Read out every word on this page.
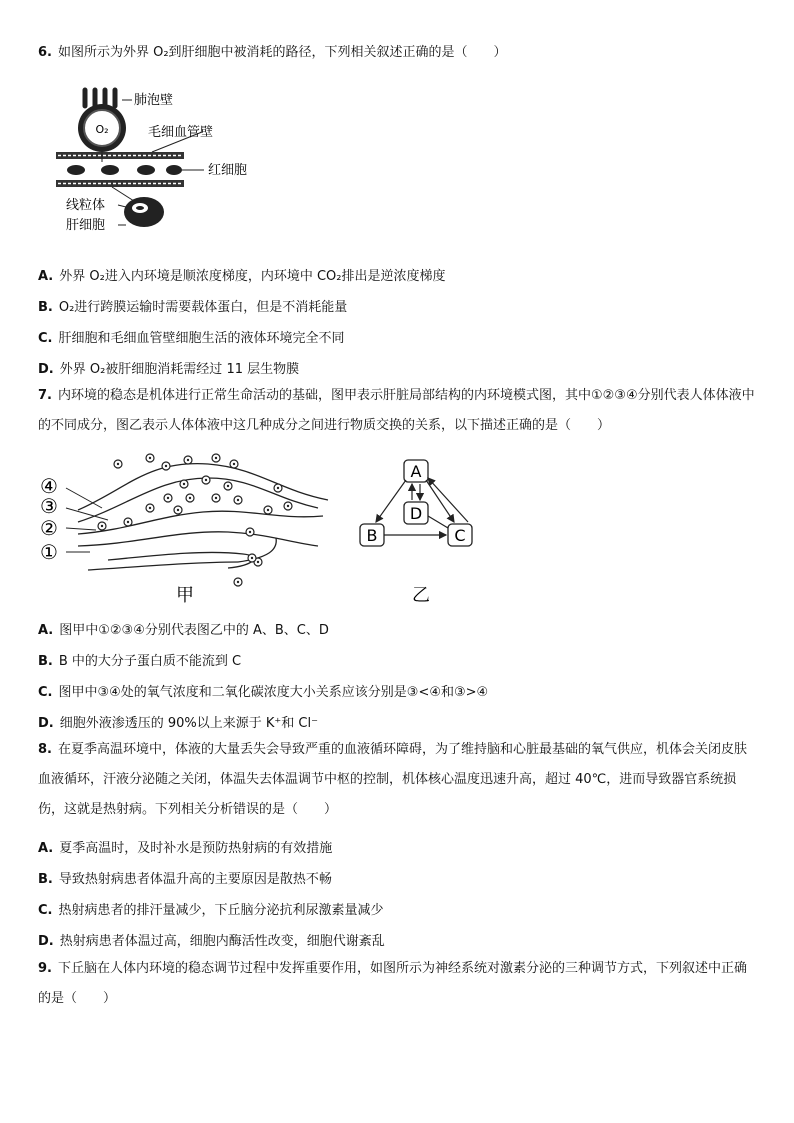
6. 如图所示为外界 O₂到肝细胞中被消耗的路径，下列相关叙述正确的是（　　）
O₂
肺泡壁
毛细血管壁
红细胞
线粒体
肝细胞
A. 外界 O₂进入内环境是顺浓度梯度，内环境中 CO₂排出是逆浓度梯度
B. O₂进行跨膜运输时需要载体蛋白，但是不消耗能量
C. 肝细胞和毛细血管壁细胞生活的液体环境完全不同
D. 外界 O₂被肝细胞消耗需经过 11 层生物膜
7. 内环境的稳态是机体进行正常生命活动的基础，图甲表示肝脏局部结构的内环境模式图，其中①②③④分别代表人体体液中的不同成分，图乙表示人体体液中这几种成分之间进行物质交换的关系，以下描述正确的是（　　）
④
③
②
①
甲
A
D
B	C
乙
A. 图甲中①②③④分别代表图乙中的 A、B、C、D
B. B 中的大分子蛋白质不能流到 C
C. 图甲中③④处的氧气浓度和二氧化碳浓度大小关系应该分别是③<④和③>④
D. 细胞外液渗透压的 90%以上来源于 K⁺和 Cl⁻
8. 在夏季高温环境中，体液的大量丢失会导致严重的血液循环障碍，为了维持脑和心脏最基础的氧气供应，机体会关闭皮肤血液循环，汗液分泌随之关闭，体温失去体温调节中枢的控制，机体核心温度迅速升高，超过 40℃，进而导致器官系统损伤，这就是热射病。下列相关分析错误的是（　　）
A. 夏季高温时，及时补水是预防热射病的有效措施
B. 导致热射病患者体温升高的主要原因是散热不畅
C. 热射病患者的排汗量减少，下丘脑分泌抗利尿激素量减少
D. 热射病患者体温过高，细胞内酶活性改变，细胞代谢紊乱
9. 下丘脑在人体内环境的稳态调节过程中发挥重要作用，如图所示为神经系统对激素分泌的三种调节方式，下列叙述中正确的是（　　）
